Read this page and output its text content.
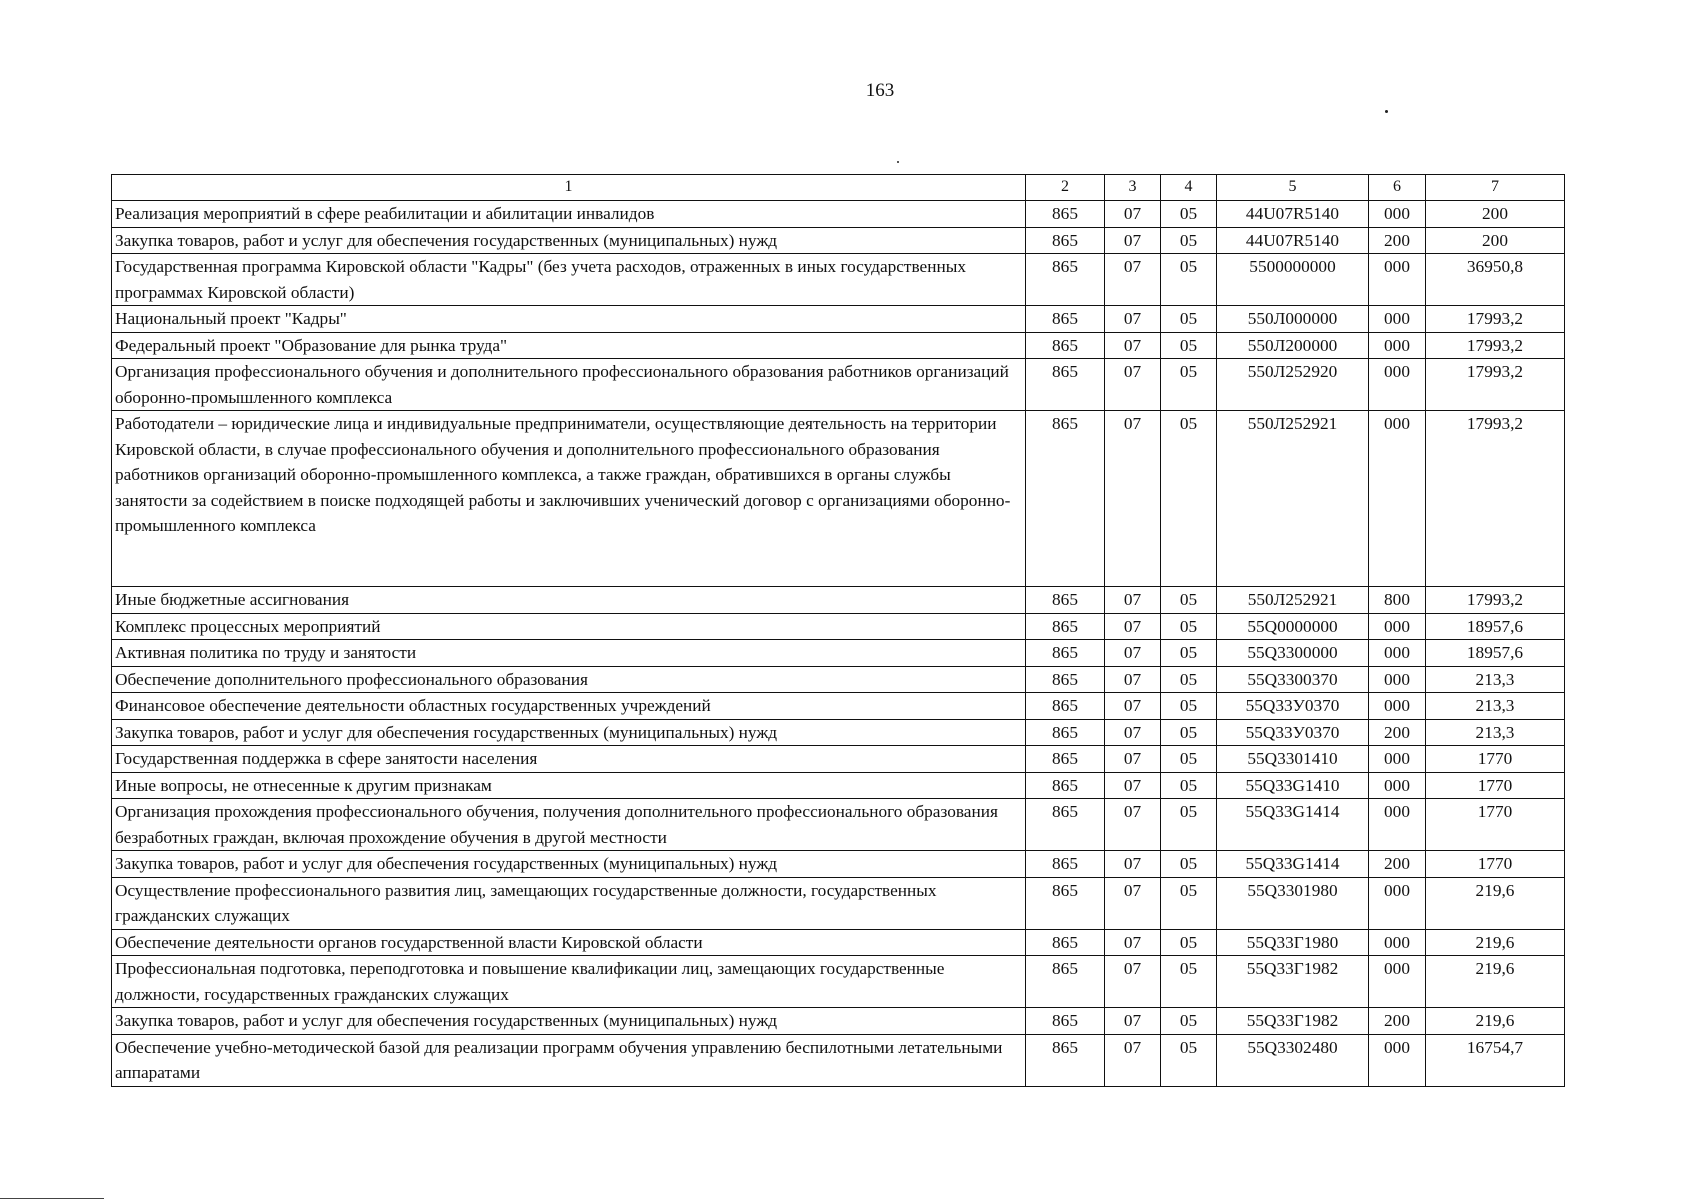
163
1	2	3	4	5	6	7
Реализация мероприятий в сфере реабилитации и абилитации инвалидов	865	07	05	44U07R5140	000	200
Закупка товаров, работ и услуг для обеспечения государственных (муниципальных) нужд	865	07	05	44U07R5140	200	200
Государственная программа Кировской области "Кадры" (без учета расходов, отраженных в иных государственных программах Кировской области)	865	07	05	5500000000	000	36950,8
Национальный проект "Кадры"	865	07	05	550Л000000	000	17993,2
Федеральный проект "Образование для рынка труда"	865	07	05	550Л200000	000	17993,2
Организация профессионального обучения и дополнительного профессионального образования работников организаций оборонно-промышленного комплекса	865	07	05	550Л252920	000	17993,2
Работодатели – юридические лица и индивидуальные предприниматели, осуществляющие деятельность на территории Кировской области, в случае профессионального обучения и дополнительного профессионального образования работников организаций оборонно-промышленного комплекса, а также граждан, обратившихся в органы службы занятости за содействием в поиске подходящей работы и заключивших ученический договор с организациями оборонно-промышленного комплекса	865	07	05	550Л252921	000	17993,2
Иные бюджетные ассигнования	865	07	05	550Л252921	800	17993,2
Комплекс процессных мероприятий	865	07	05	55Q0000000	000	18957,6
Активная политика по труду и занятости	865	07	05	55Q3300000	000	18957,6
Обеспечение дополнительного профессионального образования	865	07	05	55Q3300370	000	213,3
Финансовое обеспечение деятельности областных государственных учреждений	865	07	05	55Q33У0370	000	213,3
Закупка товаров, работ и услуг для обеспечения государственных (муниципальных) нужд	865	07	05	55Q33У0370	200	213,3
Государственная поддержка в сфере занятости населения	865	07	05	55Q3301410	000	1770
Иные вопросы, не отнесенные к другим признакам	865	07	05	55Q33G1410	000	1770
Организация прохождения профессионального обучения, получения дополнительного профессионального образования безработных граждан, включая прохождение обучения в другой местности	865	07	05	55Q33G1414	000	1770
Закупка товаров, работ и услуг для обеспечения государственных (муниципальных) нужд	865	07	05	55Q33G1414	200	1770
Осуществление профессионального развития лиц, замещающих государственные должности, государственных гражданских служащих	865	07	05	55Q3301980	000	219,6
Обеспечение деятельности органов государственной власти Кировской области	865	07	05	55Q33Г1980	000	219,6
Профессиональная подготовка, переподготовка и повышение квалификации лиц, замещающих государственные должности, государственных гражданских служащих	865	07	05	55Q33Г1982	000	219,6
Закупка товаров, работ и услуг для обеспечения государственных (муниципальных) нужд	865	07	05	55Q33Г1982	200	219,6
Обеспечение учебно-методической базой для реализации программ обучения управлению беспилотными летательными аппаратами	865	07	05	55Q3302480	000	16754,7
